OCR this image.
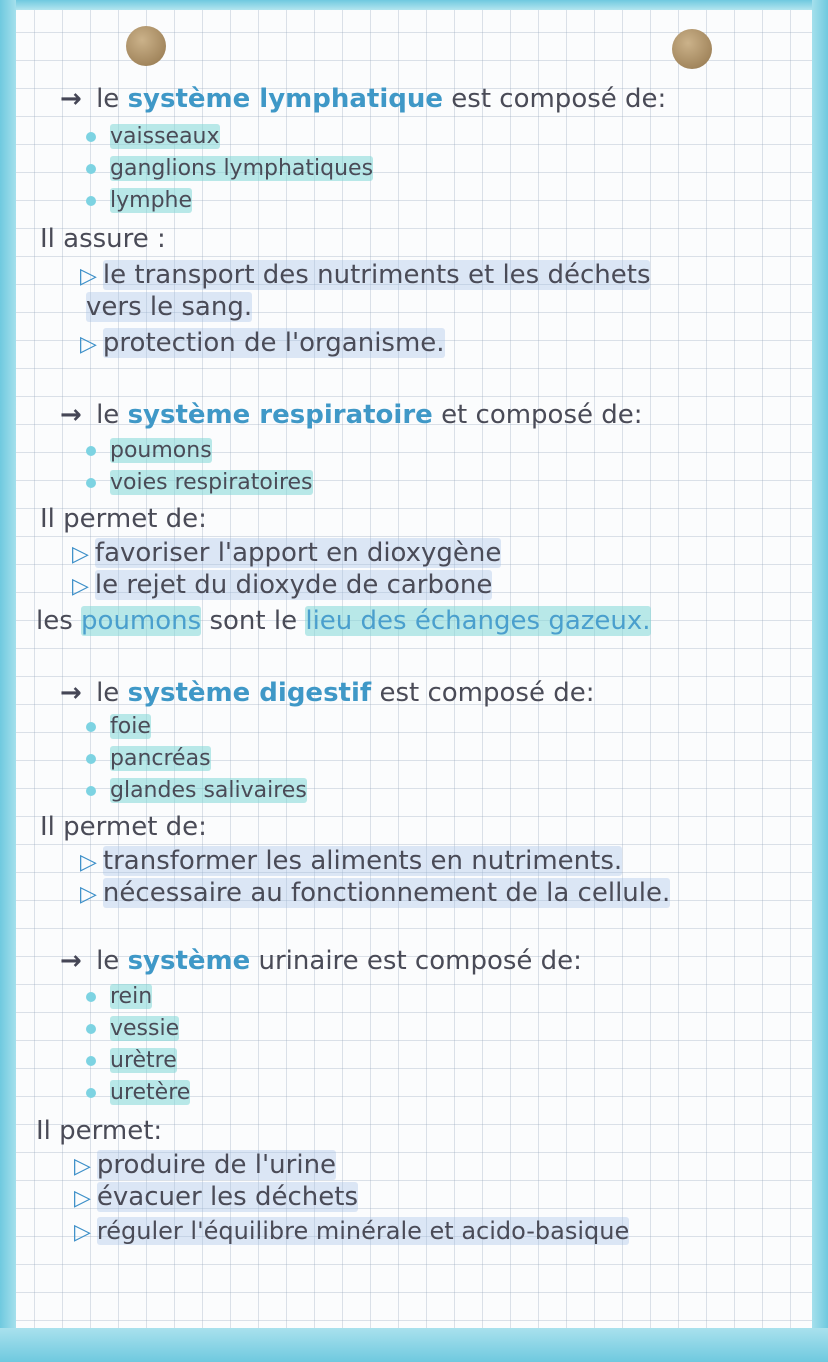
→ le système lymphatique est composé de:
vaisseaux
ganglions lymphatiques
lymphe
Il assure :
▷ le transport des nutriments et les déchets
vers le sang.
▷ protection de l'organisme.
→ le système respiratoire et composé de:
poumons
voies respiratoires
Il permet de:
▷ favoriser l'apport en dioxygène
▷ le rejet du dioxyde de carbone
les poumons sont le lieu des échanges gazeux.
→ le système digestif est composé de:
foie
pancréas
glandes salivaires
Il permet de:
▷ transformer les aliments en nutriments.
▷ nécessaire au fonctionnement de la cellule.
→ le système urinaire est composé de:
rein
vessie
urètre
uretère
Il permet:
▷ produire de l'urine
▷ évacuer les déchets
▷ réguler l'équilibre minérale et acido-basique
